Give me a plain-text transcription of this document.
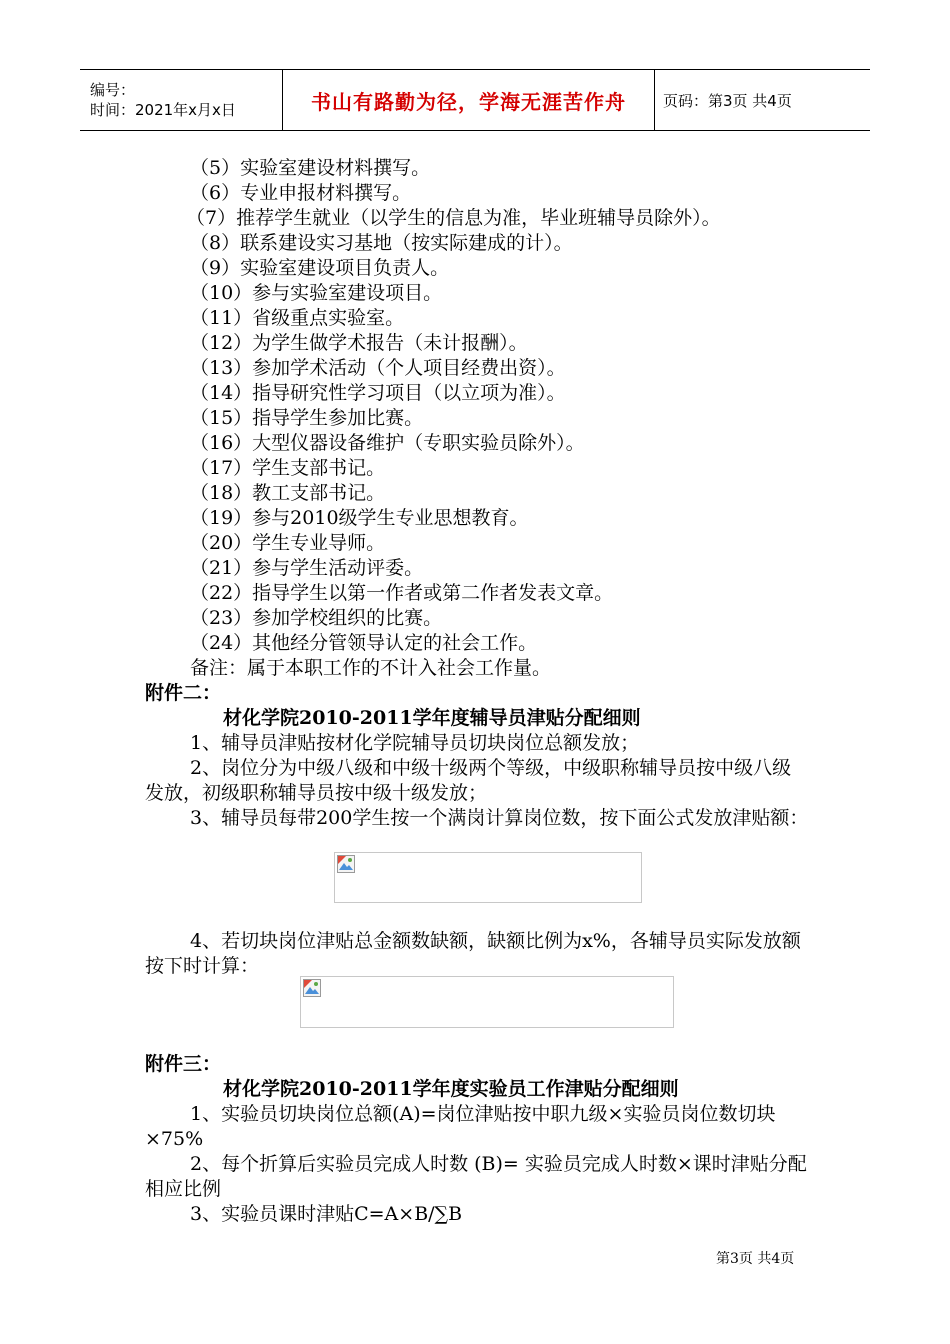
编号：
时间：2021年x月x日	书山有路勤为径，学海无涯苦作舟 页码：第3页 共4页
（5）实验室建设材料撰写。
（6）专业申报材料撰写。
（7）推荐学生就业（以学生的信息为准，毕业班辅导员除外）。
（8）联系建设实习基地（按实际建成的计）。
（9）实验室建设项目负责人。
（10）参与实验室建设项目。
（11）省级重点实验室。
（12）为学生做学术报告（未计报酬）。
（13）参加学术活动（个人项目经费出资）。
（14）指导研究性学习项目（以立项为准）。
（15）指导学生参加比赛。
（16）大型仪器设备维护（专职实验员除外）。
（17）学生支部书记。
（18）教工支部书记。
（19）参与2010级学生专业思想教育。
（20）学生专业导师。
（21）参与学生活动评委。
（22）指导学生以第一作者或第二作者发表文章。
（23）参加学校组织的比赛。
（24）其他经分管领导认定的社会工作。
备注：属于本职工作的不计入社会工作量。
附件二：
材化学院2010-2011学年度辅导员津贴分配细则
1、辅导员津贴按材化学院辅导员切块岗位总额发放；
2、岗位分为中级八级和中级十级两个等级，中级职称辅导员按中级八级发放，初级职称辅导员按中级十级发放；
3、辅导员每带200学生按一个满岗计算岗位数，按下面公式发放津贴额：
4、若切块岗位津贴总金额数缺额，缺额比例为x%，各辅导员实际发放额按下时计算：
附件三：
材化学院2010-2011学年度实验员工作津贴分配细则
1、实验员切块岗位总额(A)=岗位津贴按中职九级×实验员岗位数切块×75%
2、每个折算后实验员完成人时数 (B)= 实验员完成人时数×课时津贴分配相应比例
3、实验员课时津贴C=A×B/∑B
第3页 共4页
